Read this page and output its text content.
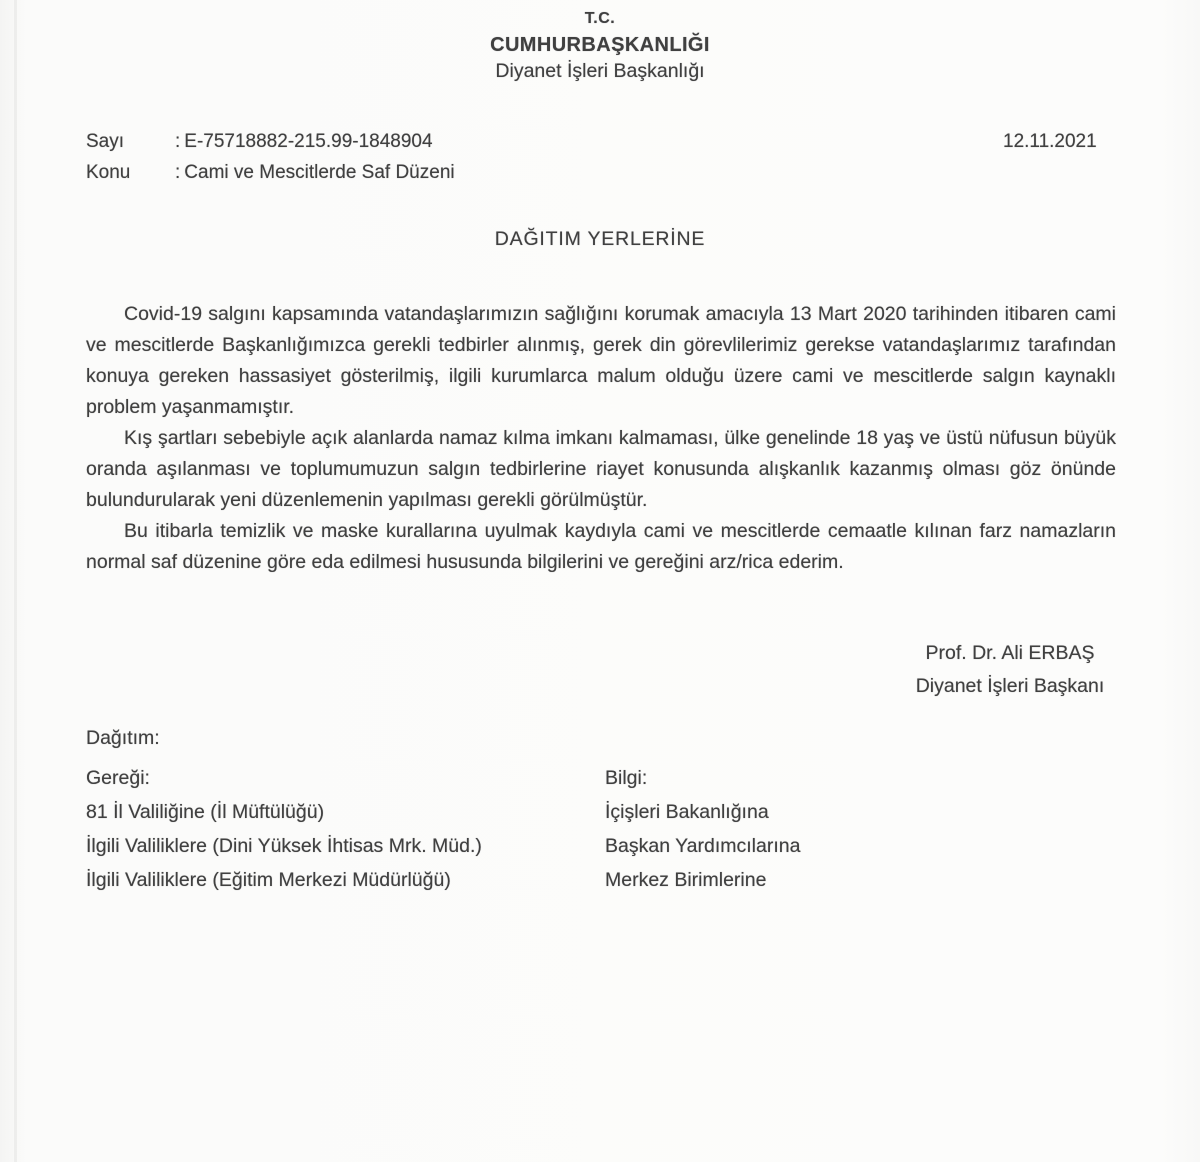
T.C.
CUMHURBAŞKANLIĞI
Diyanet İşleri Başkanlığı
Sayı	: E-75718882-215.99-1848904
Konu : Cami ve Mescitlerde Saf Düzeni
12.11.2021
DAĞITIM YERLERİNE

Covid-19 salgını kapsamında vatandaşlarımızın sağlığını korumak amacıyla 13 Mart 2020 tarihinden itibaren cami ve mescitlerde Başkanlığımızca gerekli tedbirler alınmış, gerek din görevlilerimiz gerekse vatandaşlarımız tarafından konuya gereken hassasiyet gösterilmiş, ilgili kurumlarca malum olduğu üzere cami ve mescitlerde salgın kaynaklı problem yaşanmamıştır.

Kış şartları sebebiyle açık alanlarda namaz kılma imkanı kalmaması, ülke genelinde 18 yaş ve üstü nüfusun büyük oranda aşılanması ve toplumumuzun salgın tedbirlerine riayet konusunda alışkanlık kazanmış olması göz önünde bulundurularak yeni düzenlemenin yapılması gerekli görülmüştür.

Bu itibarla temizlik ve maske kurallarına uyulmak kaydıyla cami ve mescitlerde cemaatle kılınan farz namazların normal saf düzenine göre eda edilmesi hususunda bilgilerini ve gereğini arz/rica ederim.

Prof. Dr. Ali ERBAŞ
Diyanet İşleri Başkanı
Dağıtım:
Gereği:
81 İl Valiliğine (İl Müftülüğü)
İlgili Valiliklere (Dini Yüksek İhtisas Mrk. Müd.)
İlgili Valiliklere (Eğitim Merkezi Müdürlüğü)
Bilgi:
İçişleri Bakanlığına
Başkan Yardımcılarına
Merkez Birimlerine
